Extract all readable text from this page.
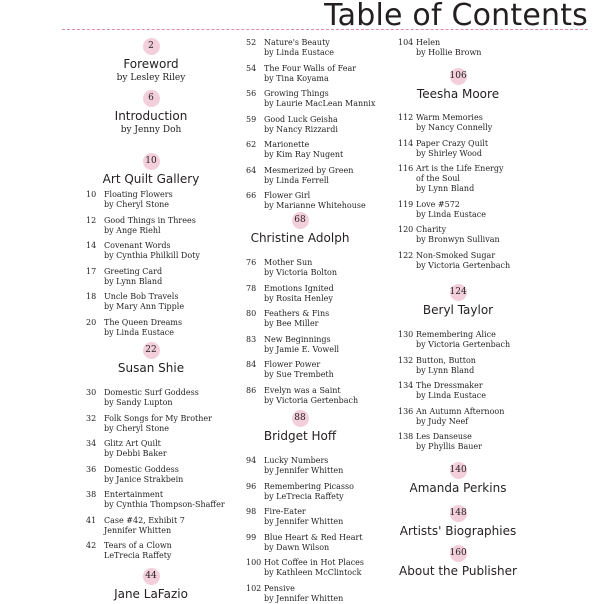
Table of Contents
2
Foreword
by Lesley Riley
6
Introduction
by Jenny Doh
10
Art Quilt Gallery
10 Floating Flowers
by Cheryl Stone
12 Good Things in Threes
by Ange Riehl
14 Covenant Words
by Cynthia Philkill Doty
17 Greeting Card
by Lynn Bland
18 Uncle Bob Travels
by Mary Ann Tipple
20 The Queen Dreams
by Linda Eustace
22
Susan Shie
30 Domestic Surf Goddess
by Sandy Lupton
32 Folk Songs for My Brother
by Cheryl Stone
34 Glitz Art Quilt
by Debbi Baker
36 Domestic Goddess
by Janice Strakbein
38 Entertainment
by Cynthia Thompson-Shaffer
41 Case #42, Exhibit 7
Jennifer Whitten
42 Tears of a Clown
LeTrecia Raffety
44
Jane LaFazio
52 Nature's Beauty
by Linda Eustace
54 The Four Walls of Fear
by Tina Koyama
56 Growing Things
by Laurie MacLean Mannix
59 Good Luck Geisha
by Nancy Rizzardi
62 Marionette
by Kim Ray Nugent
64 Mesmerized by Green
by Linda Ferrell
66 Flower Girl
by Marianne Whitehouse
68
Christine Adolph
76 Mother Sun
by Victoria Bolton
78 Emotions Ignited
by Rosita Henley
80 Feathers & Fins
by Bee Miller
83 New Beginnings
by Jamie E. Vowell
84 Flower Power
by Sue Trembeth
86 Evelyn was a Saint
by Victoria Gertenbach
88
Bridget Hoff
94 Lucky Numbers
by Jennifer Whitten
96 Remembering Picasso
by LeTrecia Raffety
98 Fire-Eater
by Jennifer Whitten
99 Blue Heart & Red Heart
by Dawn Wilson
100 Hot Coffee in Hot Places
by Kathleen McClintock
102 Pensive
by Jennifer Whitten
104 Helen
by Hollie Brown
106
Teesha Moore
112 Warm Memories
by Nancy Connelly
114 Paper Crazy Quilt
by Shirley Wood
116 Art is the Life Energy
of the Soul
by Lynn Bland
119 Love #572
by Linda Eustace
120 Charity
by Bronwyn Sullivan
122 Non-Smoked Sugar
by Victoria Gertenbach
124
Beryl Taylor
130 Remembering Alice
by Victoria Gertenbach
132 Button, Button
by Lynn Bland
134 The Dressmaker
by Linda Eustace
136 An Autumn Afternoon
by Judy Neef
138 Les Danseuse
by Phyllis Bauer
140
Amanda Perkins
148
Artists' Biographies
160
About the Publisher
